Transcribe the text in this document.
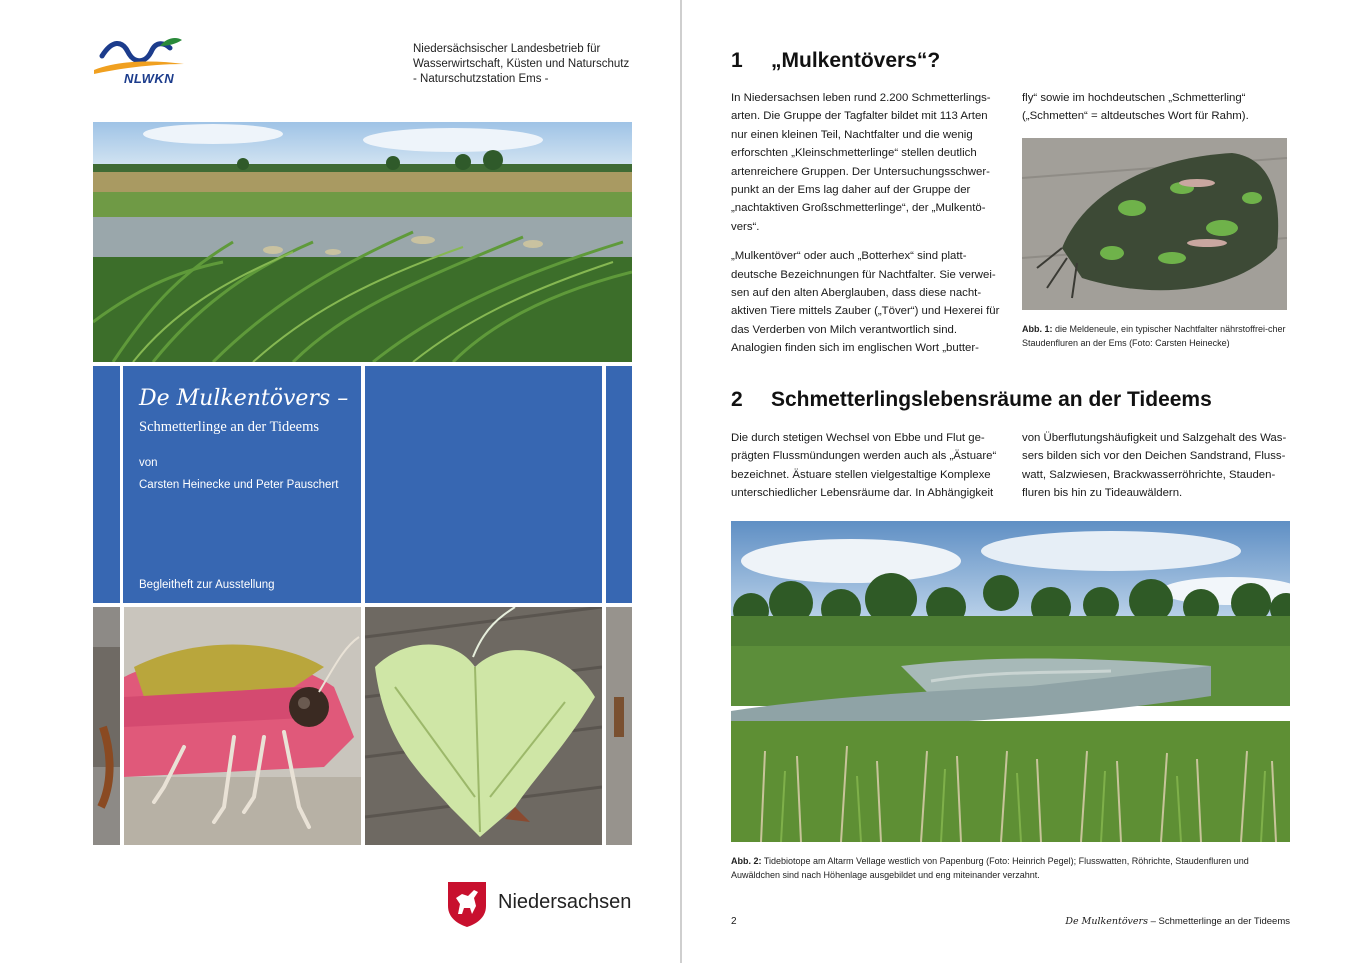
NLWKN
Niedersächsischer Landesbetrieb für
Wasserwirtschaft, Küsten und Naturschutz
- Naturschutzstation Ems -
De Mulkentövers –
Schmetterlinge an der Tideems
von
Carsten Heinecke und Peter Pauschert
Begleitheft zur Ausstellung
Niedersachsen
1 „Mulkentövers“?

In Niedersachsen leben rund 2.200 Schmetterlings-arten. Die Gruppe der Tagfalter bildet mit 113 Arten nur einen kleinen Teil, Nachtfalter und die wenig erforschten „Kleinschmetterlinge“ stellen deutlich artenreichere Gruppen. Der Untersuchungsschwer-punkt an der Ems lag daher auf der Gruppe der „nachtaktiven Großschmetterlinge“, der „Mulkentö-vers“.

„Mulkentöver“ oder auch „Botterhex“ sind platt-deutsche Bezeichnungen für Nachtfalter. Sie verwei-sen auf den alten Aberglauben, dass diese nacht-aktiven Tiere mittels Zauber („Töver“) und Hexerei für das Verderben von Milch verantwortlich sind. Analogien finden sich im englischen Wort „butter-

fly“ sowie im hochdeutschen „Schmetterling“ („Schmetten“ = altdeutsches Wort für Rahm).

Abb. 1: die Meldeneule, ein typischer Nachtfalter nährstoffrei-cher Staudenfluren an der Ems (Foto: Carsten Heinecke)
2 Schmetterlingslebensräume an der Tideems

Die durch stetigen Wechsel von Ebbe und Flut ge-prägten Flussmündungen werden auch als „Ästuare“ bezeichnet. Ästuare stellen vielgestaltige Komplexe unterschiedlicher Lebensräume dar. In Abhängigkeit

von Überflutungshäufigkeit und Salzgehalt des Was-sers bilden sich vor den Deichen Sandstrand, Fluss-watt, Salzwiesen, Brackwasserröhrichte, Stauden-fluren bis hin zu Tideauwäldern.

Abb. 2: Tidebiotope am Altarm Vellage westlich von Papenburg (Foto: Heinrich Pegel); Flusswatten, Röhrichte, Staudenfluren und Auwäldchen sind nach Höhenlage ausgebildet und eng miteinander verzahnt.
2	De Mulkentövers – Schmetterlinge an der Tideems
